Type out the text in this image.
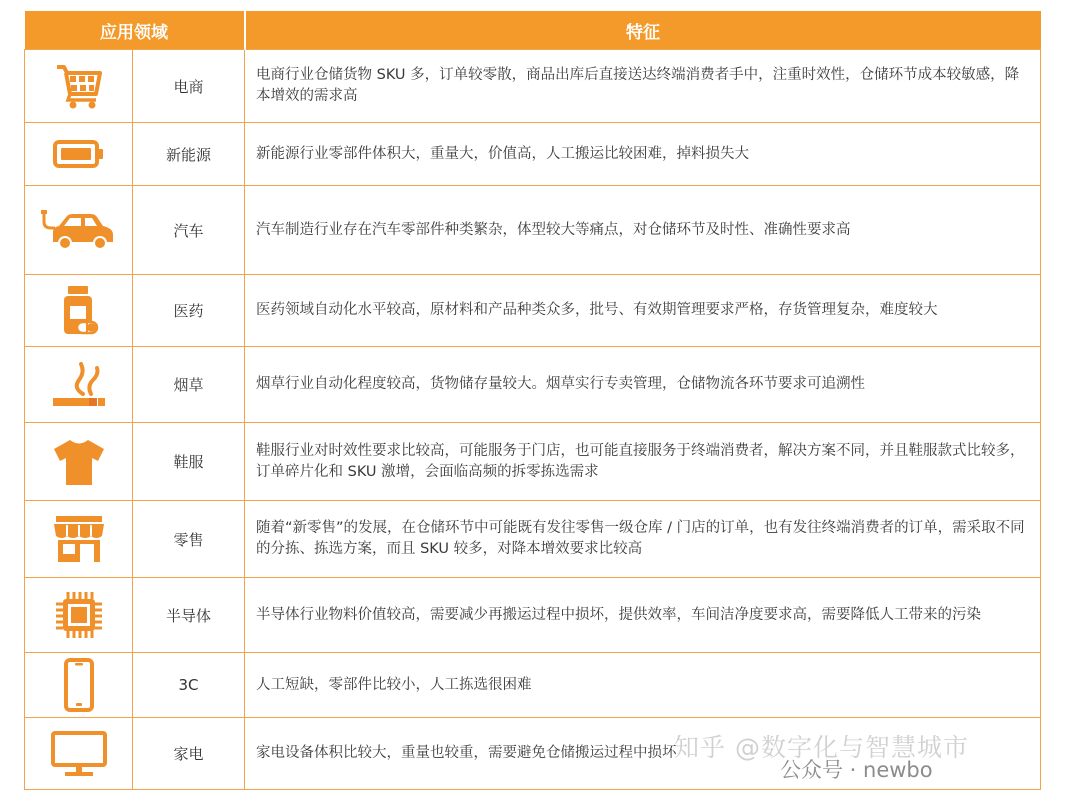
应用领域		特征

	电商	电商行业仓储货物 SKU 多，订单较零散，商品出库后直接送达终端消费者手中，注重时效性，仓储环节成本较敏感，降本增效的需求高

	新能源	新能源行业零部件体积大，重量大，价值高，人工搬运比较困难，掉料损失大

	汽车	汽车制造行业存在汽车零部件种类繁杂，体型较大等痛点，对仓储环节及时性、准确性要求高

	医药	医药领域自动化水平较高，原材料和产品种类众多，批号、有效期管理要求严格，存货管理复杂，难度较大

	烟草	烟草行业自动化程度较高，货物储存量较大。烟草实行专卖管理，仓储物流各环节要求可追溯性

	鞋服	鞋服行业对时效性要求比较高，可能服务于门店，也可能直接服务于终端消费者，解决方案不同，并且鞋服款式比较多，订单碎片化和 SKU 激增，会面临高频的拆零拣选需求

	零售	随着“新零售”的发展，在仓储环节中可能既有发往零售一级仓库 / 门店的订单，也有发往终端消费者的订单，需采取不同的分拣、拣选方案，而且 SKU 较多，对降本增效要求比较高

	半导体	半导体行业物料价值较高，需要减少再搬运过程中损坏，提供效率，车间洁净度要求高，需要降低人工带来的污染

	3C	人工短缺，零部件比较小，人工拣选很困难

	家电	家电设备体积比较大，重量也较重，需要避免仓储搬运过程中损坏
知乎 @数字化与智慧城市
公众号 · newbo
